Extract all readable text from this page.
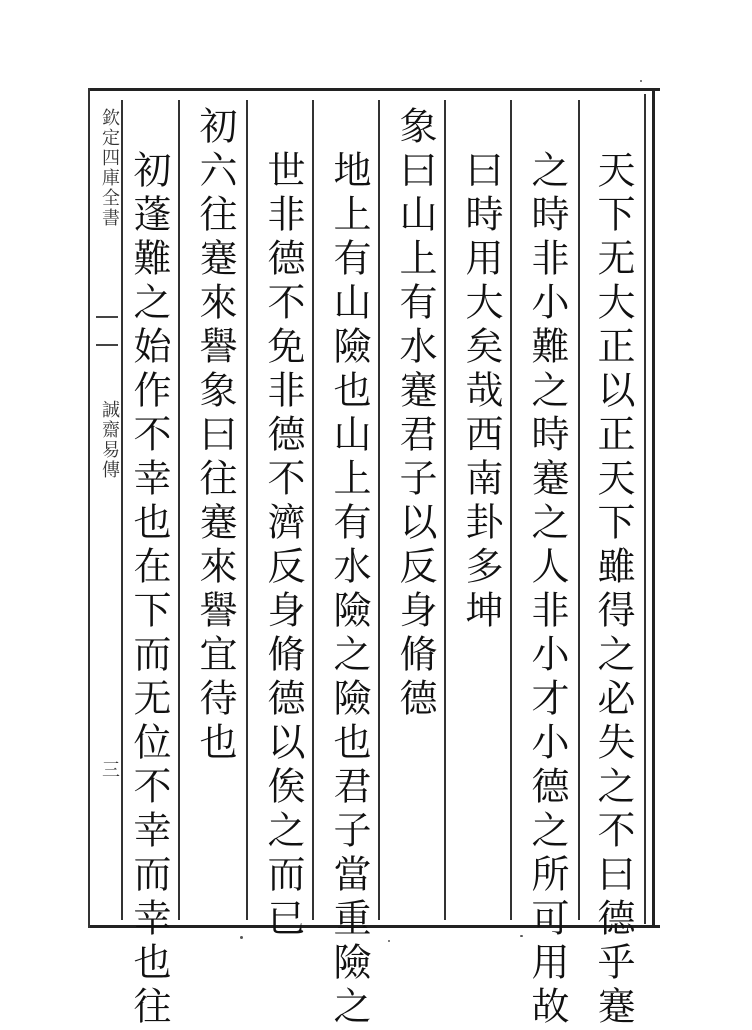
欽定四庫全書
誠齋易傳
三	天下无大正以正天下雖得之必失之不曰德乎蹇
之時非小難之時蹇之人非小才小德之所可用故
曰時用大矣哉西南卦多坤
象曰山上有水蹇君子以反身脩德
地上有山險也山上有水險之險也君子當重險之
世非德不免非德不濟反身脩德以俟之而已
初六往蹇來譽象曰往蹇來譽宜待也
初蓬難之始作不幸也在下而无位不幸而幸也往
